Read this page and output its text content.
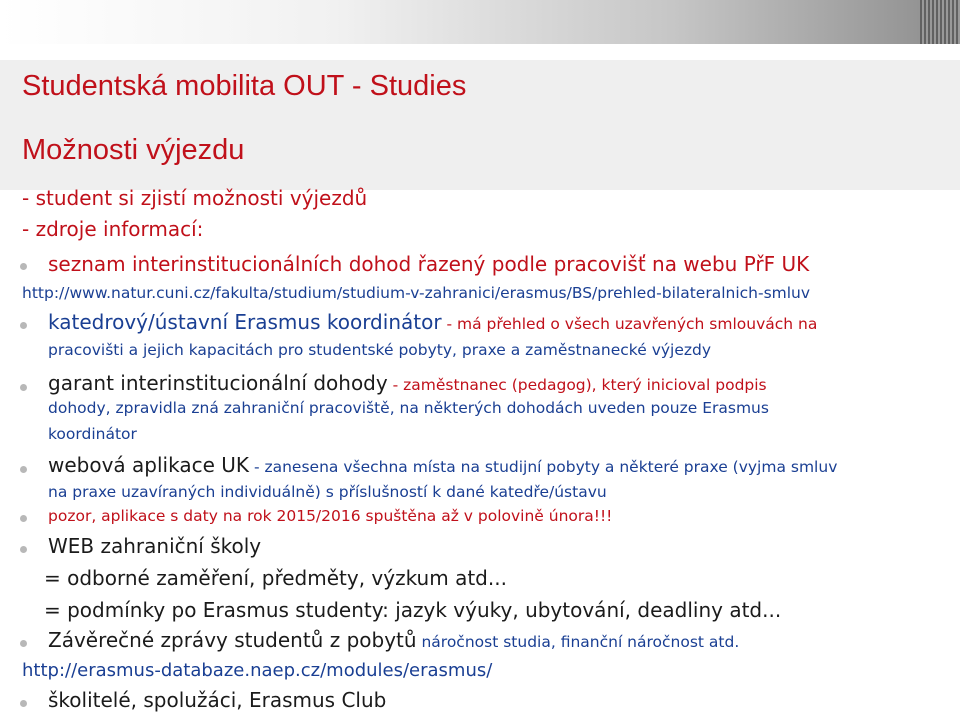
Studentská mobilita OUT - Studies
Možnosti výjezdu
- student si zjistí možnosti výjezdů
- zdroje informací:
seznam interinstitucionálních dohod řazený podle pracovišť na webu PřF UK
http://www.natur.cuni.cz/fakulta/studium/studium-v-zahranici/erasmus/BS/prehled-bilateralnich-smluv
katedrový/ústavní Erasmus koordinátor - má přehled o všech uzavřených smlouvách na
pracovišti a jejich kapacitách pro studentské pobyty, praxe a zaměstnanecké výjezdy
garant interinstitucionální dohody - zaměstnanec (pedagog), který inicioval podpis
dohody, zpravidla zná zahraniční pracoviště, na některých dohodách uveden pouze Erasmus
koordinátor
webová aplikace UK - zanesena všechna místa na studijní pobyty a některé praxe (vyjma smluv
na praxe uzavíraných individuálně) s příslušností k dané katedře/ústavu
pozor, aplikace s daty na rok 2015/2016 spuštěna až v polovině února!!!
WEB zahraniční školy
= odborné zaměření, předměty, výzkum atd...
= podmínky po Erasmus studenty: jazyk výuky, ubytování, deadliny atd...
Závěrečné zprávy studentů z pobytů náročnost studia, finanční náročnost atd.
http://erasmus-databaze.naep.cz/modules/erasmus/
školitelé, spolužáci, Erasmus Club
